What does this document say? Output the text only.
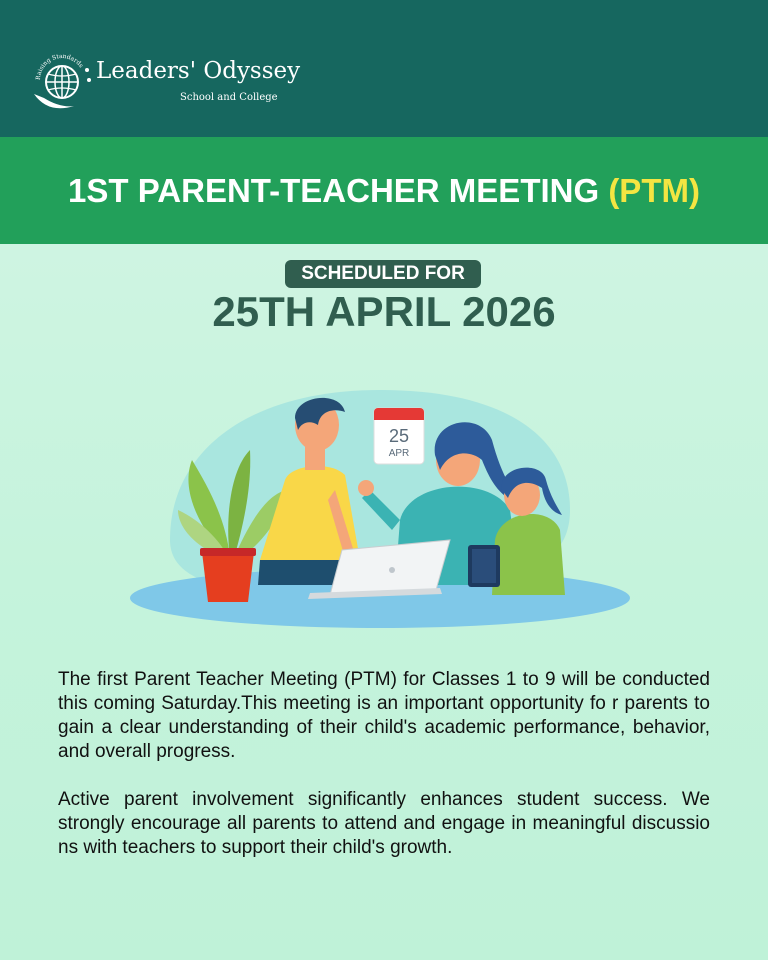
Raising Standards Leaders' Odyssey
School and College
1ST PARENT-TEACHER MEETING (PTM)
SCHEDULED FOR
25TH APRIL 2026
25
APR

The first Parent Teacher Meeting (PTM) for Classes 1 to 9 will be conducted this coming Saturday.This meeting is an important opportunity fo r parents to gain a clear understanding of their child's academic performance, behavior, and overall progress.

Active parent involvement significantly enhances student success. We strongly encourage all parents to attend and engage in meaningful discussio ns with teachers to support their child's growth.
